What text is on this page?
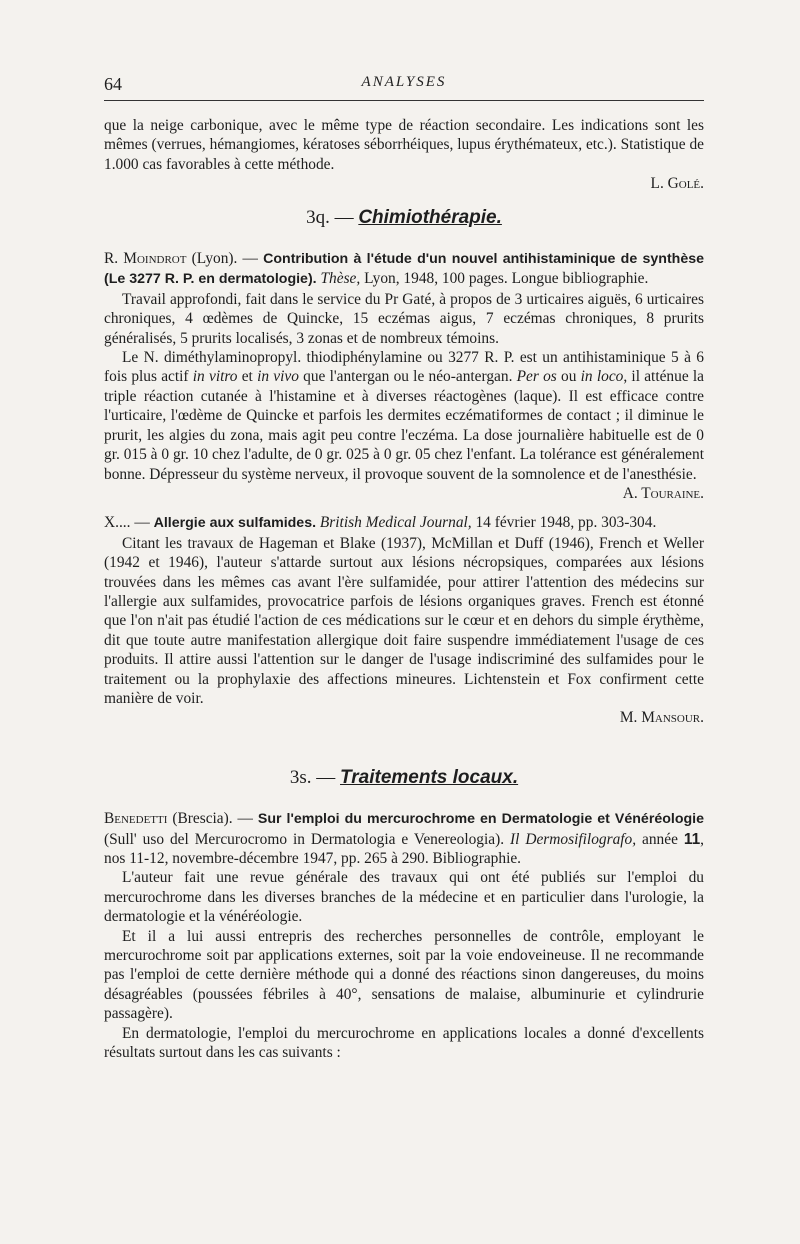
64	ANALYSES

que la neige carbonique, avec le même type de réaction secondaire. Les indications sont les mêmes (verrues, hémangiomes, kératoses séborrhéiques, lupus érythémateux, etc.). Statistique de 1.000 cas favorables à cette méthode.

L. Golé.

3q. — Chimiothérapie.

R. Moindrot (Lyon). — Contribution à l'étude d'un nouvel antihistaminique de synthèse (Le 3277 R. P. en dermatologie). Thèse, Lyon, 1948, 100 pages. Longue bibliographie.

Travail approfondi, fait dans le service du Pr Gaté, à propos de 3 urticaires aiguës, 6 urticaires chroniques, 4 œdèmes de Quincke, 15 eczémas aigus, 7 eczémas chroniques, 8 prurits généralisés, 5 prurits localisés, 3 zonas et de nombreux témoins.

Le N. diméthylaminopropyl. thiodiphénylamine ou 3277 R. P. est un antihistaminique 5 à 6 fois plus actif in vitro et in vivo que l'antergan ou le néo-antergan. Per os ou in loco, il atténue la triple réaction cutanée à l'histamine et à diverses réactogènes (laque). Il est efficace contre l'urticaire, l'œdème de Quincke et parfois les dermites eczématiformes de contact ; il diminue le prurit, les algies du zona, mais agit peu contre l'eczéma. La dose journalière habituelle est de 0 gr. 015 à 0 gr. 10 chez l'adulte, de 0 gr. 025 à 0 gr. 05 chez l'enfant. La tolérance est généralement bonne. Dépresseur du système nerveux, il provoque souvent de la somnolence et de l'anesthésie.

A. Touraine.

X.... — Allergie aux sulfamides. British Medical Journal, 14 février 1948, pp. 303-304.

Citant les travaux de Hageman et Blake (1937), McMillan et Duff (1946), French et Weller (1942 et 1946), l'auteur s'attarde surtout aux lésions nécropsiques, comparées aux lésions trouvées dans les mêmes cas avant l'ère sulfamidée, pour attirer l'attention des médecins sur l'allergie aux sulfamides, provocatrice parfois de lésions organiques graves. French est étonné que l'on n'ait pas étudié l'action de ces médications sur le cœur et en dehors du simple érythème, dit que toute autre manifestation allergique doit faire suspendre immédiatement l'usage de ces produits. Il attire aussi l'attention sur le danger de l'usage indiscriminé des sulfamides pour le traitement ou la prophylaxie des affections mineures. Lichtenstein et Fox confirment cette manière de voir.

M. Mansour.

3s. — Traitements locaux.

Benedetti (Brescia). — Sur l'emploi du mercurochrome en Dermatologie et Vénéréologie (Sull' uso del Mercurocromo in Dermatologia e Venereologia). Il Dermosifilografo, année 11, nos 11-12, novembre-décembre 1947, pp. 265 à 290. Bibliographie.

L'auteur fait une revue générale des travaux qui ont été publiés sur l'emploi du mercurochrome dans les diverses branches de la médecine et en particulier dans l'urologie, la dermatologie et la vénéréologie.

Et il a lui aussi entrepris des recherches personnelles de contrôle, employant le mercurochrome soit par applications externes, soit par la voie endoveineuse. Il ne recommande pas l'emploi de cette dernière méthode qui a donné des réactions sinon dangereuses, du moins désagréables (poussées fébriles à 40°, sensations de malaise, albuminurie et cylindrurie passagère).

En dermatologie, l'emploi du mercurochrome en applications locales a donné d'excellents résultats surtout dans les cas suivants :
